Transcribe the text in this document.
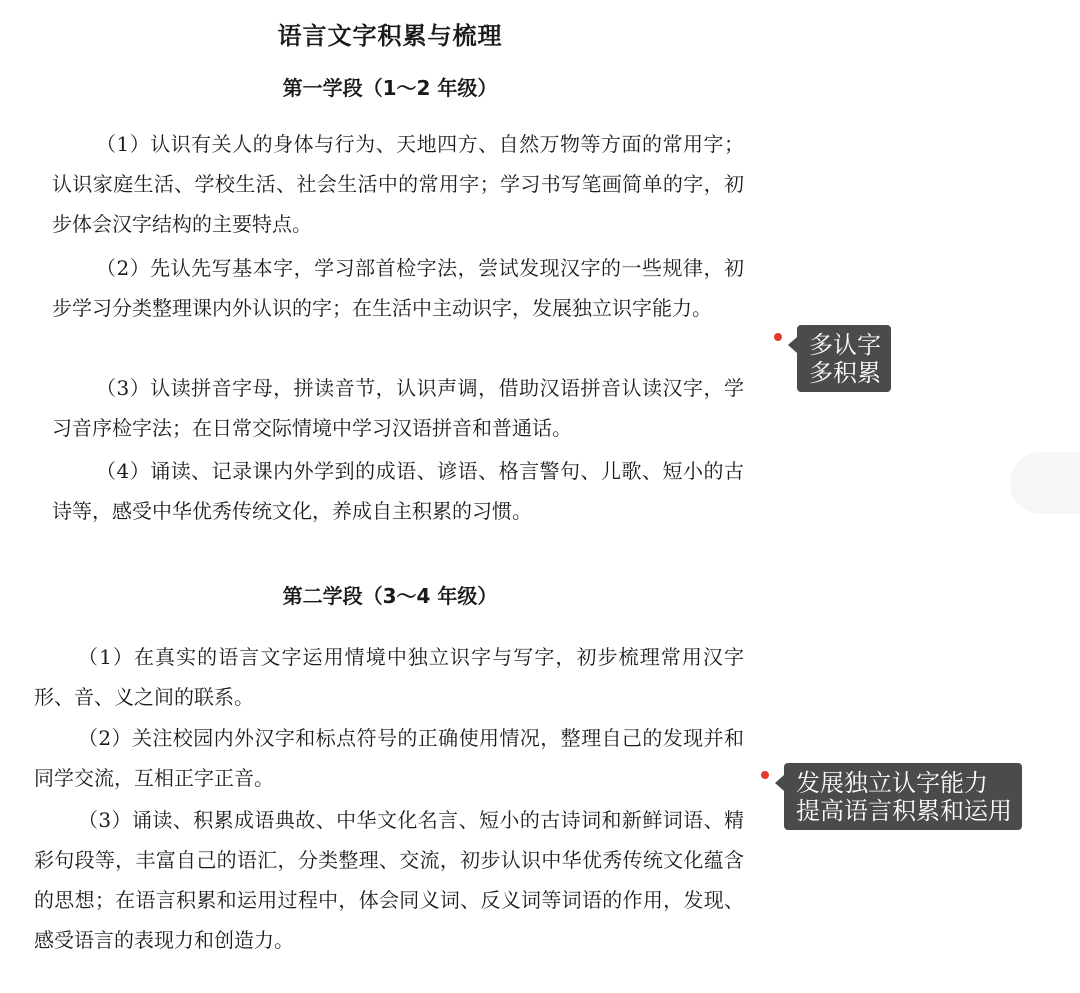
语言文字积累与梳理
第一学段（1～2 年级）

（1）认识有关人的身体与行为、天地四方、自然万物等方面的常用字；认识家庭生活、学校生活、社会生活中的常用字；学习书写笔画简单的字，初步体会汉字结构的主要特点。

（2）先认先写基本字，学习部首检字法，尝试发现汉字的一些规律，初步学习分类整理课内外认识的字；在生活中主动识字，发展独立识字能力。

（3）认读拼音字母，拼读音节，认识声调，借助汉语拼音认读汉字，学习音序检字法；在日常交际情境中学习汉语拼音和普通话。

（4）诵读、记录课内外学到的成语、谚语、格言警句、儿歌、短小的古诗等，感受中华优秀传统文化，养成自主积累的习惯。

第二学段（3～4 年级）

（1）在真实的语言文字运用情境中独立识字与写字，初步梳理常用汉字形、音、义之间的联系。

（2）关注校园内外汉字和标点符号的正确使用情况，整理自己的发现并和同学交流，互相正字正音。

（3）诵读、积累成语典故、中华文化名言、短小的古诗词和新鲜词语、精彩句段等，丰富自己的语汇，分类整理、交流，初步认识中华优秀传统文化蕴含的思想；在语言积累和运用过程中，体会同义词、反义词等词语的作用，发现、感受语言的表现力和创造力。

多认字
多积累
发展独立认字能力
提高语言积累和运用
